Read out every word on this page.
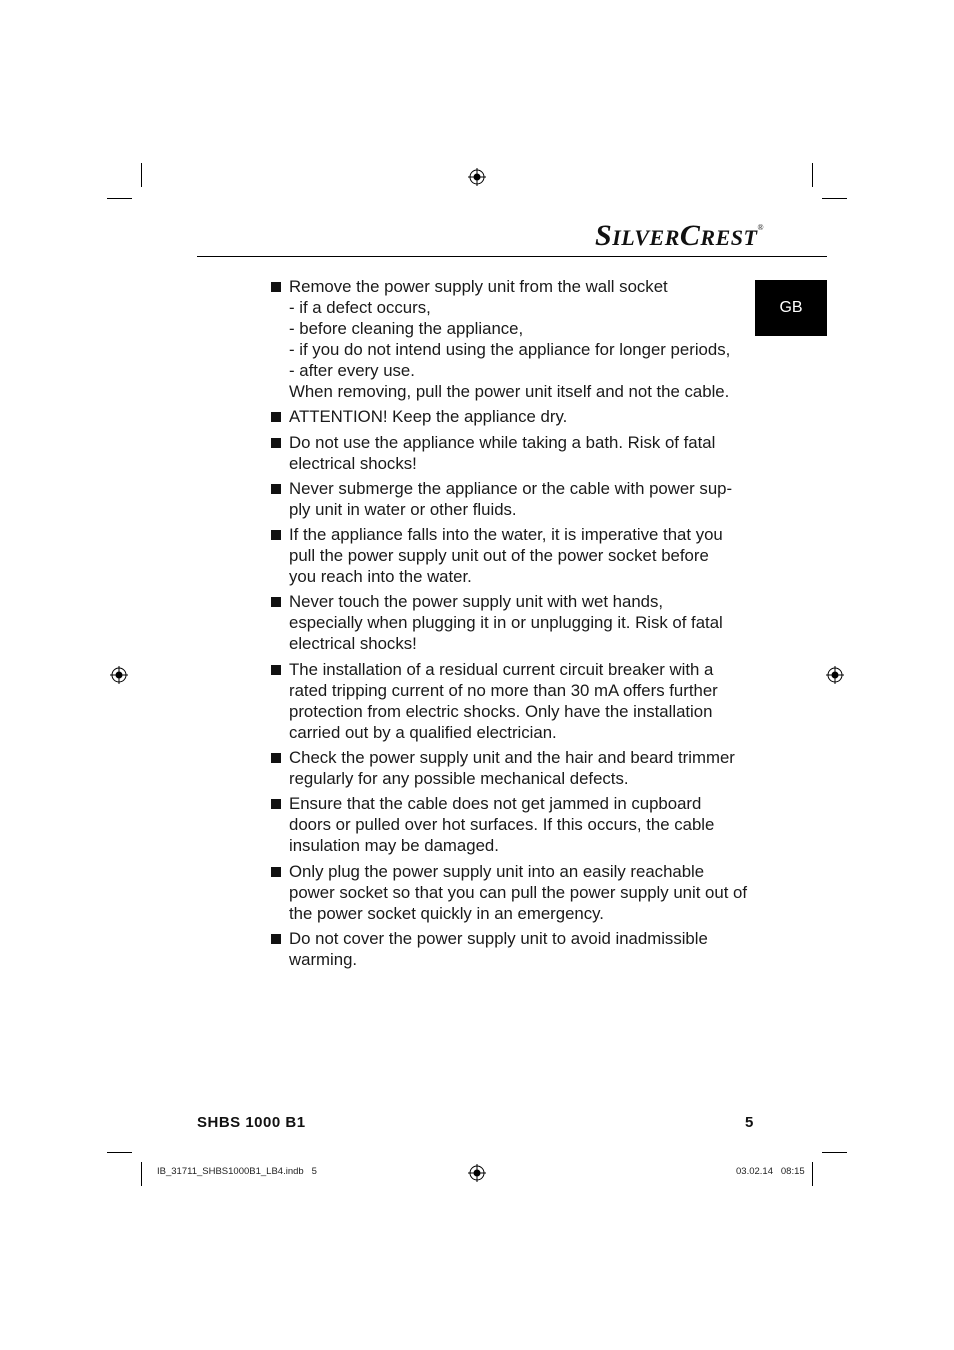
SILVERCREST®
GB
Remove the power supply unit from the wall socket
- if a defect occurs,
- before cleaning the appliance,
- if you do not intend using the appliance for longer periods,
- after every use.
When removing, pull the power unit itself and not the cable.
ATTENTION! Keep the appliance dry.
Do not use the appliance while taking a bath. Risk of fatal
electrical shocks!
Never submerge the appliance or the cable with power sup-
ply unit in water or other fluids.
If the appliance falls into the water, it is imperative that you
pull the power supply unit out of the power socket before
you reach into the water.
Never touch the power supply unit with wet hands,
especially when plugging it in or unplugging it. Risk of fatal
electrical shocks!
The installation of a residual current circuit breaker with a
rated tripping current of no more than 30 mA offers further
protection from electric shocks. Only have the installation
carried out by a qualified electrician.
Check the power supply unit and the hair and beard trimmer
regularly for any possible mechanical defects.
Ensure that the cable does not get jammed in cupboard
doors or pulled over hot surfaces. If this occurs, the cable
insulation may be damaged.
Only plug the power supply unit into an easily reachable
power socket so that you can pull the power supply unit out of
the power socket quickly in an emergency.
Do not cover the power supply unit to avoid inadmissible
warming.
SHBS 1000 B1	5
IB_31711_SHBS1000B1_LB4.indb   5	03.02.14   08:15
